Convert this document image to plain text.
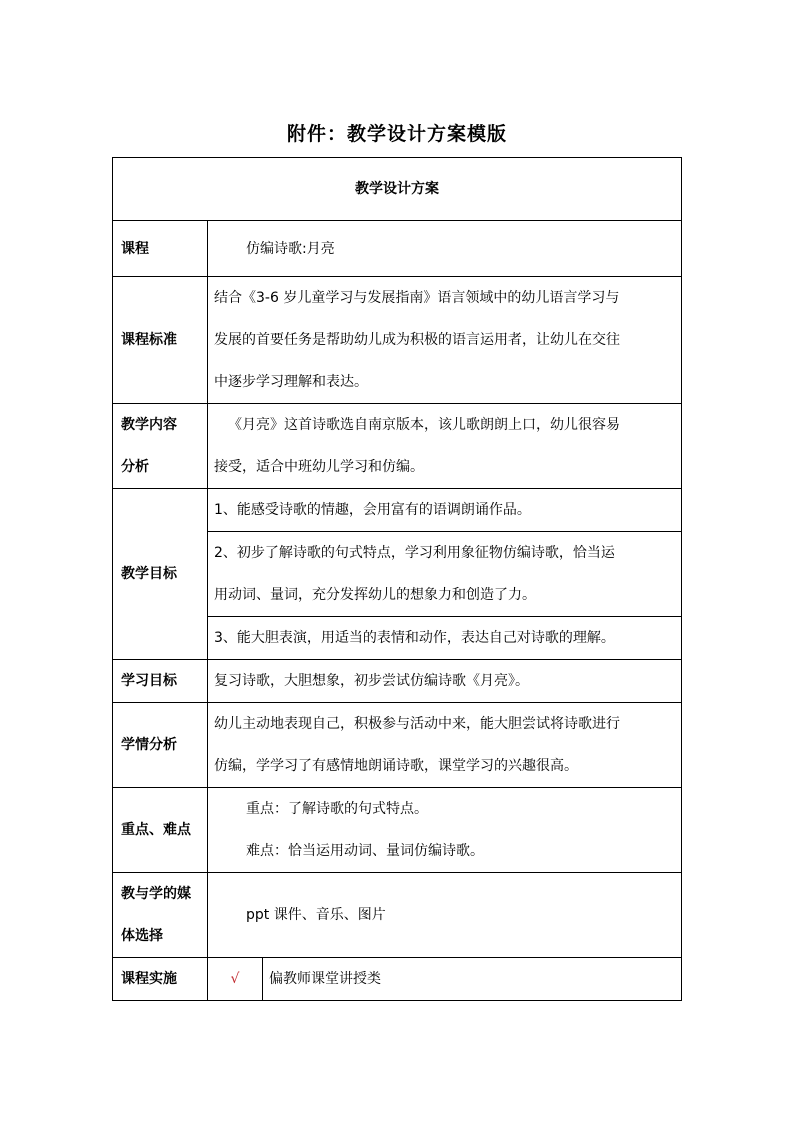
附件：教学设计方案模版
教学设计方案		
课程	仿编诗歌:月亮	
课程标准	结合《3-6 岁儿童学习与发展指南》语言领域中的幼儿语言学习与
发展的首要任务是帮助幼儿成为积极的语言运用者，让幼儿在交往
中逐步学习理解和表达。	

教学内容
分析	《月亮》这首诗歌选自南京版本，该儿歌朗朗上口，幼儿很容易
接受，适合中班幼儿学习和仿编。	

教学目标	1、能感受诗歌的情趣，会用富有的语调朗诵作品。	

	2、初步了解诗歌的句式特点，学习利用象征物仿编诗歌，恰当运
用动词、量词，充分发挥幼儿的想象力和创造了力。	

	3、能大胆表演，用适当的表情和动作，表达自己对诗歌的理解。	

学习目标	复习诗歌，大胆想象，初步尝试仿编诗歌《月亮》。	
学情分析	幼儿主动地表现自己，积极参与活动中来，能大胆尝试将诗歌进行
仿编，学学习了有感情地朗诵诗歌，课堂学习的兴趣很高。	

重点、难点	重点：了解诗歌的句式特点。
难点：恰当运用动词、量词仿编诗歌。	

教与学的媒
体选择	ppt 课件、音乐、图片	
课程实施	√	偏教师课堂讲授类
